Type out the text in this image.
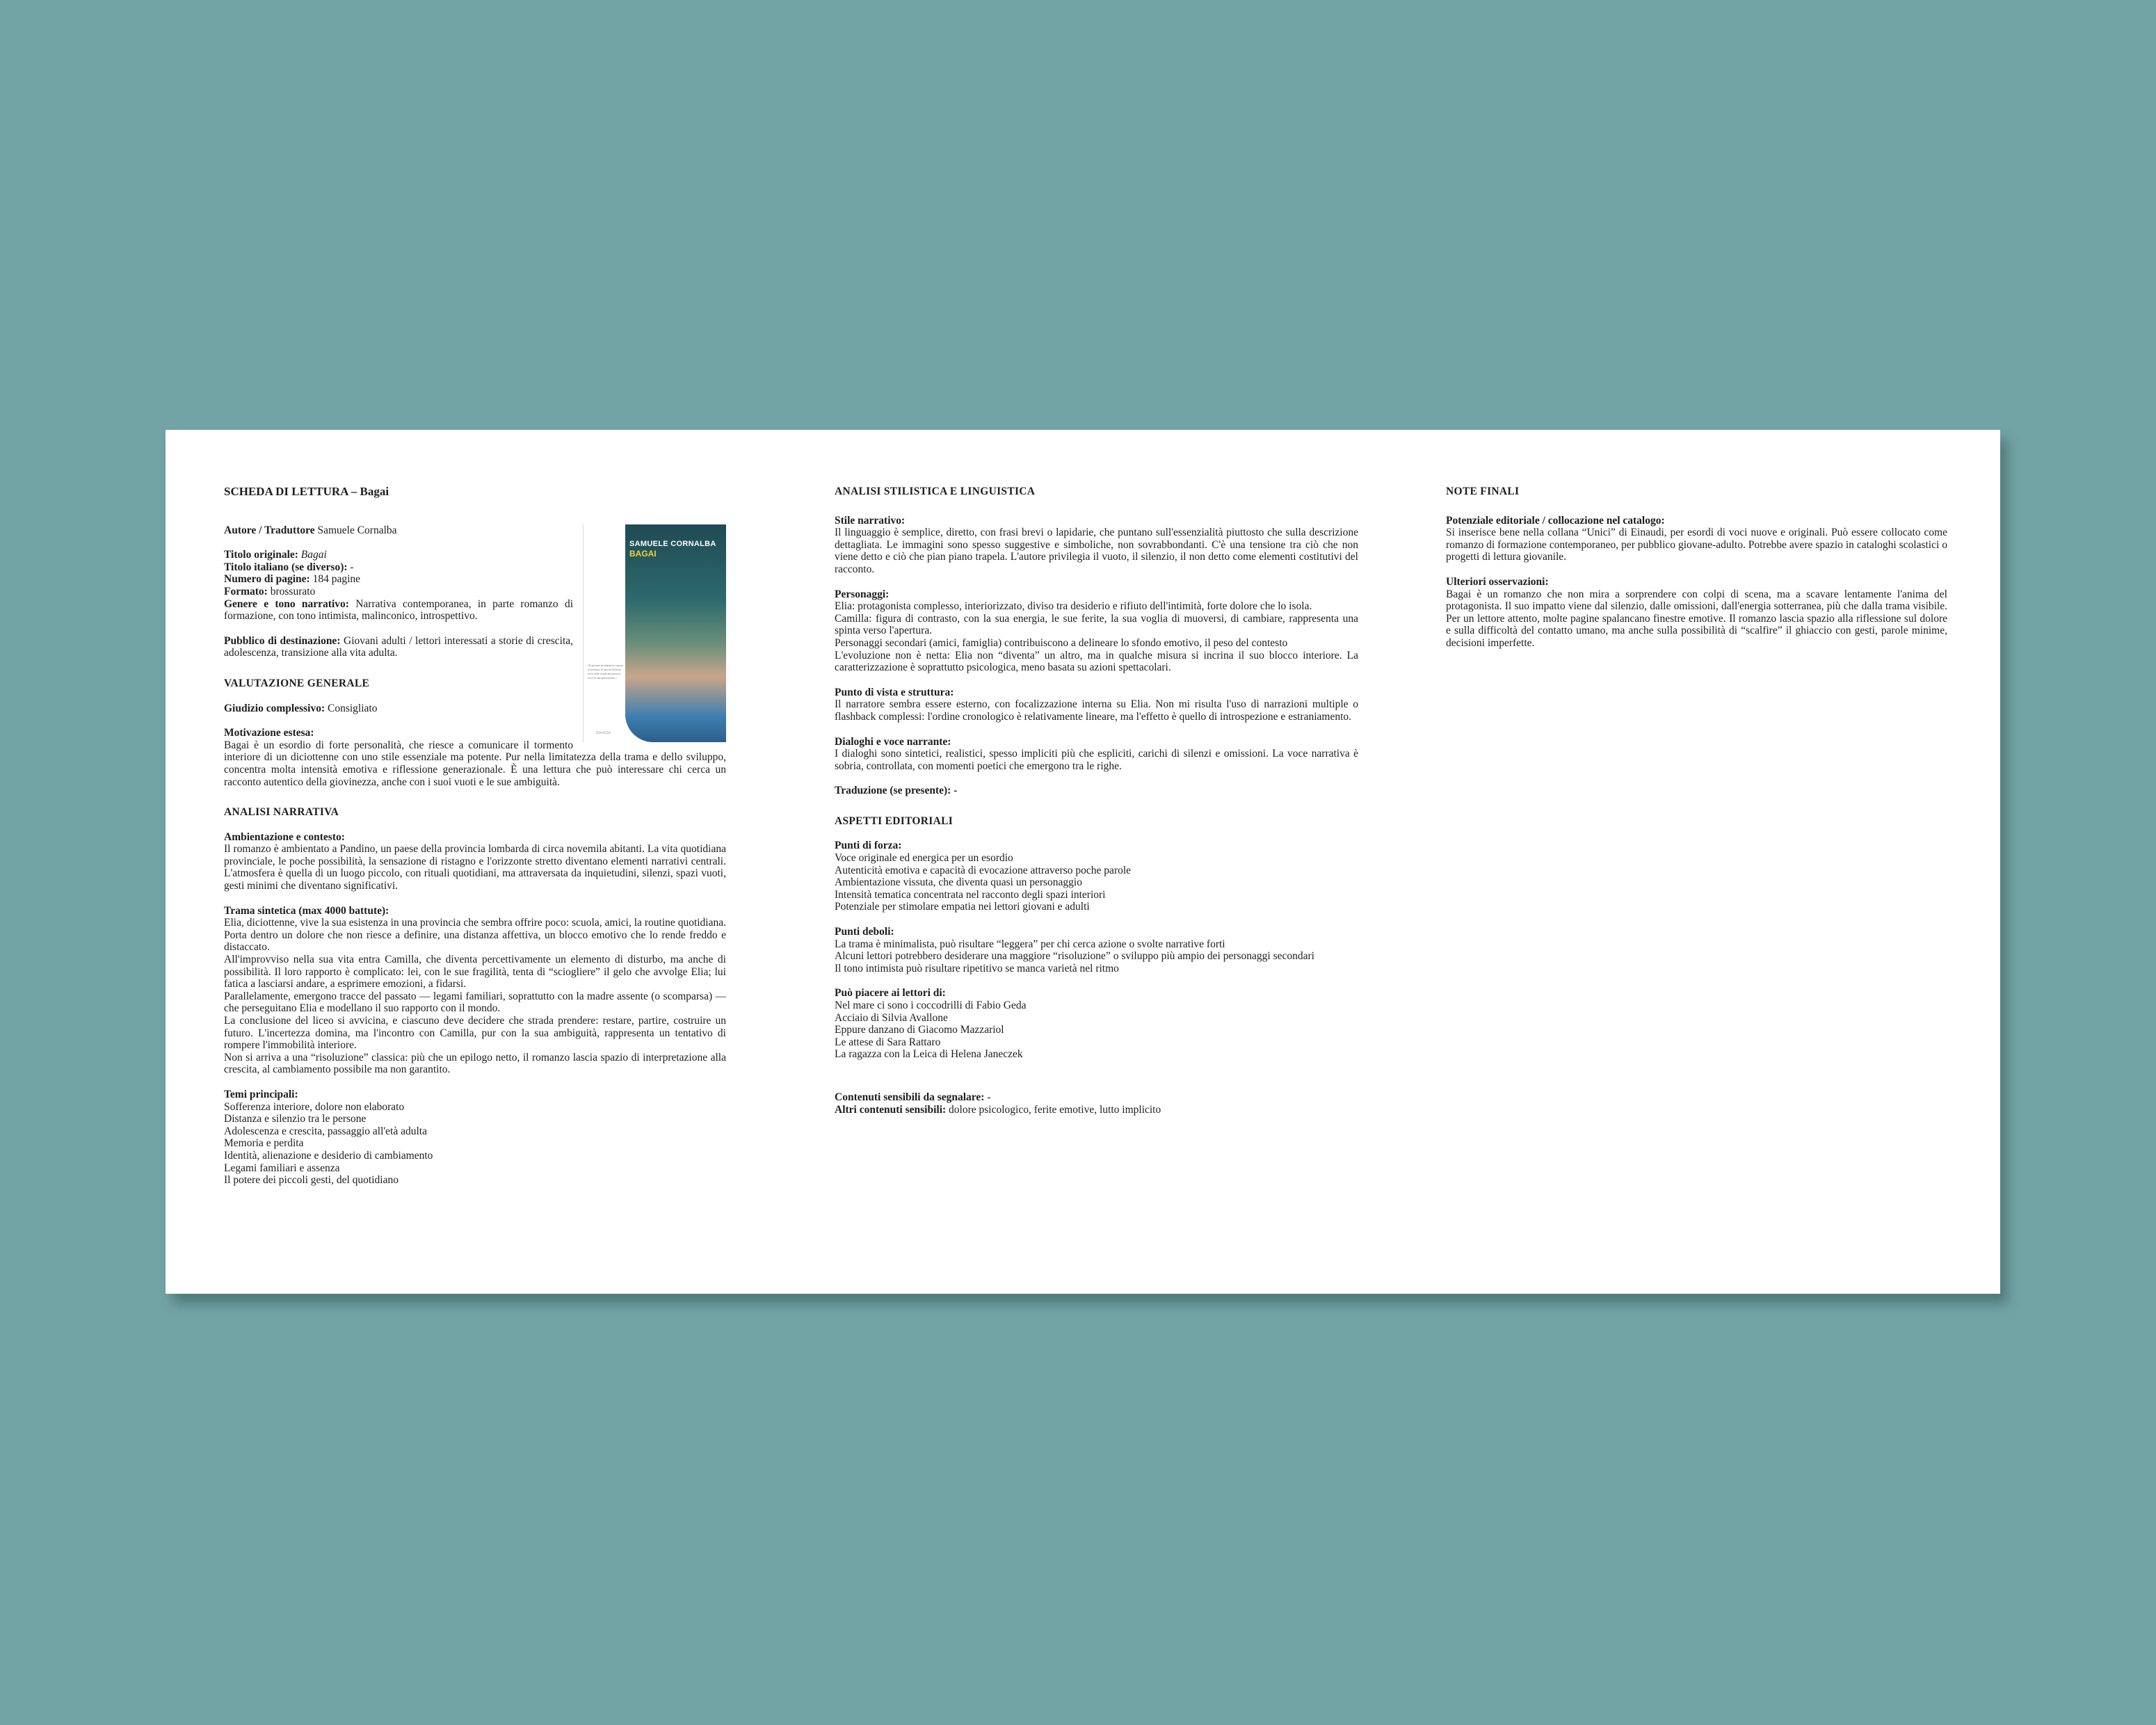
SCHEDA DI LETTURA – Bagai
«Il giovane protagonista espone il tormento di una età difficile, trova nelle strade del paese la voce di una generazione.»
EINAUDI
SAMUELE CORNALBA
BAGAI
Autore / Traduttore Samuele Cornalba
Titolo originale: Bagai
Titolo italiano (se diverso): -
Numero di pagine: 184 pagine
Formato: brossurato
Genere e tono narrativo: Narrativa contemporanea, in parte romanzo di formazione, con tono intimista, malinconico, introspettivo.
Pubblico di destinazione: Giovani adulti / lettori interessati a storie di crescita, adolescenza, transizione alla vita adulta.
VALUTAZIONE GENERALE
Giudizio complessivo: Consigliato
Motivazione estesa:

Bagai è un esordio di forte personalità, che riesce a comunicare il tormento interiore di un diciottenne con uno stile essenziale ma potente. Pur nella limitatezza della trama e dello sviluppo, concentra molta intensità emotiva e riflessione generazionale. È una lettura che può interessare chi cerca un racconto autentico della giovinezza, anche con i suoi vuoti e le sue ambiguità.

ANALISI NARRATIVA
Ambientazione e contesto:

Il romanzo è ambientato a Pandino, un paese della provincia lombarda di circa novemila abitanti. La vita quotidiana provinciale, le poche possibilità, la sensazione di ristagno e l'orizzonte stretto diventano elementi narrativi centrali. L'atmosfera è quella di un luogo piccolo, con rituali quotidiani, ma attraversata da inquietudini, silenzi, spazi vuoti, gesti minimi che diventano significativi.

Trama sintetica (max 4000 battute):

Elia, diciottenne, vive la sua esistenza in una provincia che sembra offrire poco: scuola, amici, la routine quotidiana. Porta dentro un dolore che non riesce a definire, una distanza affettiva, un blocco emotivo che lo rende freddo e distaccato.

All'improvviso nella sua vita entra Camilla, che diventa percettivamente un elemento di disturbo, ma anche di possibilità. Il loro rapporto è complicato: lei, con le sue fragilità, tenta di “sciogliere” il gelo che avvolge Elia; lui fatica a lasciarsi andare, a esprimere emozioni, a fidarsi.

Parallelamente, emergono tracce del passato — legami familiari, soprattutto con la madre assente (o scomparsa) — che perseguitano Elia e modellano il suo rapporto con il mondo.

La conclusione del liceo si avvicina, e ciascuno deve decidere che strada prendere: restare, partire, costruire un futuro. L'incertezza domina, ma l'incontro con Camilla, pur con la sua ambiguità, rappresenta un tentativo di rompere l'immobilità interiore.

Non si arriva a una “risoluzione” classica: più che un epilogo netto, il romanzo lascia spazio di interpretazione alla crescita, al cambiamento possibile ma non garantito.

Temi principali:
Sofferenza interiore, dolore non elaborato
Distanza e silenzio tra le persone
Adolescenza e crescita, passaggio all'età adulta
Memoria e perdita
Identità, alienazione e desiderio di cambiamento
Legami familiari e assenza
Il potere dei piccoli gesti, del quotidiano
ANALISI STILISTICA E LINGUISTICA
Stile narrativo:

Il linguaggio è semplice, diretto, con frasi brevi o lapidarie, che puntano sull'essenzialità piuttosto che sulla descrizione dettagliata. Le immagini sono spesso suggestive e simboliche, non sovrabbondanti. C'è una tensione tra ciò che non viene detto e ciò che pian piano trapela. L'autore privilegia il vuoto, il silenzio, il non detto come elementi costitutivi del racconto.

Personaggi:

Elia: protagonista complesso, interiorizzato, diviso tra desiderio e rifiuto dell'intimità, forte dolore che lo isola.

Camilla: figura di contrasto, con la sua energia, le sue ferite, la sua voglia di muoversi, di cambiare, rappresenta una spinta verso l'apertura.

Personaggi secondari (amici, famiglia) contribuiscono a delineare lo sfondo emotivo, il peso del contesto

L'evoluzione non è netta: Elia non “diventa” un altro, ma in qualche misura si incrina il suo blocco interiore. La caratterizzazione è soprattutto psicologica, meno basata su azioni spettacolari.

Punto di vista e struttura:

Il narratore sembra essere esterno, con focalizzazione interna su Elia. Non mi risulta l'uso di narrazioni multiple o flashback complessi: l'ordine cronologico è relativamente lineare, ma l'effetto è quello di introspezione e estraniamento.

Dialoghi e voce narrante:

I dialoghi sono sintetici, realistici, spesso impliciti più che espliciti, carichi di silenzi e omissioni. La voce narrativa è sobria, controllata, con momenti poetici che emergono tra le righe.

Traduzione (se presente): -
ASPETTI EDITORIALI
Punti di forza:
Voce originale ed energica per un esordio
Autenticità emotiva e capacità di evocazione attraverso poche parole
Ambientazione vissuta, che diventa quasi un personaggio
Intensità tematica concentrata nel racconto degli spazi interiori
Potenziale per stimolare empatia nei lettori giovani e adulti
Punti deboli:
La trama è minimalista, può risultare “leggera” per chi cerca azione o svolte narrative forti
Alcuni lettori potrebbero desiderare una maggiore “risoluzione” o sviluppo più ampio dei personaggi secondari
Il tono intimista può risultare ripetitivo se manca varietà nel ritmo
Può piacere ai lettori di:
Nel mare ci sono i coccodrilli di Fabio Geda
Acciaio di Silvia Avallone
Eppure danzano di Giacomo Mazzariol
Le attese di Sara Rattaro
La ragazza con la Leica di Helena Janeczek
Contenuti sensibili da segnalare: -
Altri contenuti sensibili: dolore psicologico, ferite emotive, lutto implicito
NOTE FINALI
Potenziale editoriale / collocazione nel catalogo:

Si inserisce bene nella collana “Unici” di Einaudi, per esordi di voci nuove e originali. Può essere collocato come romanzo di formazione contemporaneo, per pubblico giovane-adulto. Potrebbe avere spazio in cataloghi scolastici o progetti di lettura giovanile.

Ulteriori osservazioni:

Bagai è un romanzo che non mira a sorprendere con colpi di scena, ma a scavare lentamente l'anima del protagonista. Il suo impatto viene dal silenzio, dalle omissioni, dall'energia sotterranea, più che dalla trama visibile. Per un lettore attento, molte pagine spalancano finestre emotive. Il romanzo lascia spazio alla riflessione sul dolore e sulla difficoltà del contatto umano, ma anche sulla possibilità di “scalfire” il ghiaccio con gesti, parole minime, decisioni imperfette.
